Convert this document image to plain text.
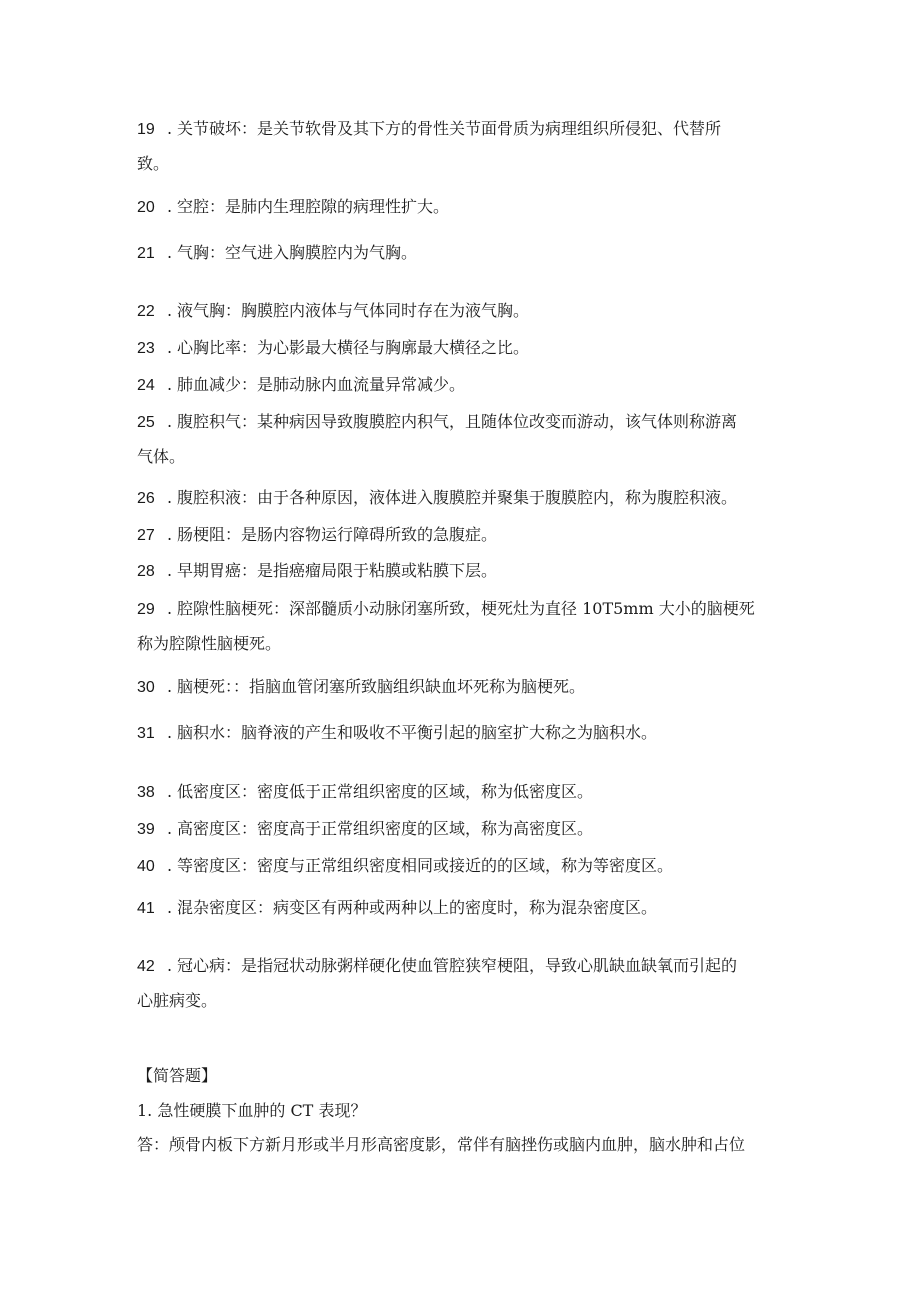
19 . 关节破坏：是关节软骨及其下方的骨性关节面骨质为病理组织所侵犯、代替所
致。
20 . 空腔：是肺内生理腔隙的病理性扩大。
21 . 气胸：空气进入胸膜腔内为气胸。
22 . 液气胸：胸膜腔内液体与气体同时存在为液气胸。
23 . 心胸比率：为心影最大横径与胸廓最大横径之比。
24 . 肺血减少：是肺动脉内血流量异常减少。
25 . 腹腔积气：某种病因导致腹膜腔内积气，且随体位改变而游动，该气体则称游离
气体。
26 . 腹腔积液：由于各种原因，液体进入腹膜腔并聚集于腹膜腔内，称为腹腔积液。
27 . 肠梗阻：是肠内容物运行障碍所致的急腹症。
28 . 早期胃癌：是指癌瘤局限于粘膜或粘膜下层。
29 . 腔隙性脑梗死：深部髓质小动脉闭塞所致，梗死灶为直径 10T5mm 大小的脑梗死
称为腔隙性脑梗死。
30 . 脑梗死：：指脑血管闭塞所致脑组织缺血坏死称为脑梗死。
31 . 脑积水：脑脊液的产生和吸收不平衡引起的脑室扩大称之为脑积水。
38 . 低密度区：密度低于正常组织密度的区域，称为低密度区。
39 . 高密度区：密度高于正常组织密度的区域，称为高密度区。
40 . 等密度区：密度与正常组织密度相同或接近的的区域，称为等密度区。
41 . 混杂密度区：病变区有两种或两种以上的密度时，称为混杂密度区。
42 . 冠心病：是指冠状动脉粥样硬化使血管腔狭窄梗阻，导致心肌缺血缺氧而引起的
心脏病变。
【简答题】
1. 急性硬膜下血肿的 CT 表现？
答：颅骨内板下方新月形或半月形高密度影，常伴有脑挫伤或脑内血肿，脑水肿和占位
